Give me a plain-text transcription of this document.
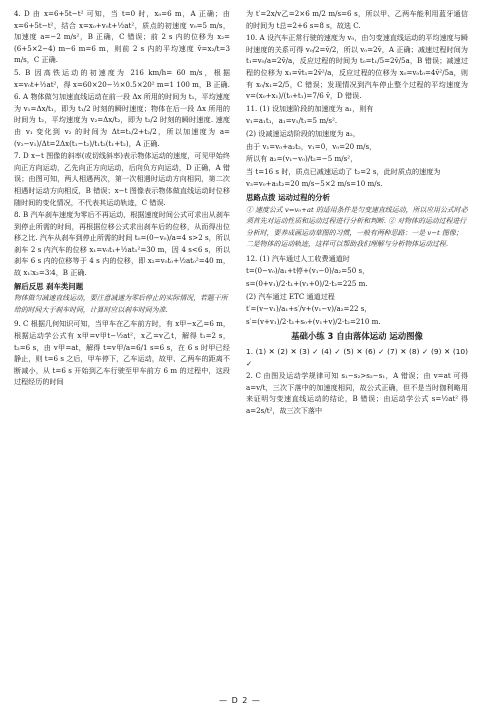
4. D 由 x=6+5t−t² 可知，当 t=0 时，x₀=6 m，A 正确；由 x=6+5t−t²，结合 x=x₀+v₀t+½at²，质点的初速度 v₀=5 m/s，加速度 a=−2 m/s²，B 正确，C 错误；前 2 s 内的位移为 x₂=(6+5×2−4) m−6 m=6 m，则前 2 s 内的平均速度 v̄=x₂/t=3 m/s，C 正确.

5. B 因高铁运动的初速度为 216 km/h= 60 m/s，根据 x=v₀t+½at²，得 x=60×20−½×0.5×20² m=1 100 m，B 正确.

6. A 物体做匀加速直线运动在前一段 Δx 所用的时间为 t₁，平均速度为 v₁=Δx/t₁，即为 t₁/2 时刻的瞬时速度；物体在后一段 Δx 所用的时间为 t₂，平均速度为 v₂=Δx/t₂，即为 t₂/2 时刻的瞬时速度. 速度由 v₁ 变化到 v₂ 的时间为 Δt=t₁/2+t₂/2，所以加速度为 a=(v₂−v₁)/Δt=2Δx(t₁−t₂)/t₁t₂(t₁+t₂)，A 正确.

7. D x−t 图像的斜率(或切线斜率)表示物体运动的速度，可见甲始终向正方向运动，乙先向正方向运动，后向负方向运动，D 正确，A 错误；由图可知，两人相遇两次，第一次相遇时运动方向相同，第二次相遇时运动方向相反，B 错误；x−t 图像表示物体做直线运动时位移随时间的变化情况，不代表其运动轨迹，C 错误.

8. B 汽车刹车速度为零后不再运动，根据速度时间公式可求出从刹车到停止所需的时间，再根据位移公式求出刹车后的位移，从而得出位移之比. 汽车从刹车到停止所需的时间 t₀=(0−v₀)/a=4 s>2 s，所以刹车 2 s 内汽车的位移 x₁=v₀t₁+½at₁²=30 m，因 4 s<6 s，所以刹车 6 s 内的位移等于 4 s 内的位移，即 x₂=v₀t₀+½at₀²=40 m，故 x₁∶x₂=3∶4，B 正确.

解后反思 刹车类问题

物体做匀减速直线运动，要注意减速为零后停止的实际情况，若题干所给的时间大于刹车时间，计算时应以刹车时间为准.

9. C 根据几何知识可知，当甲车在乙车前方时，有 x甲−x乙=6 m，根据运动学公式有 x甲=v甲t−½at²，x乙=v乙t，解得 t₁=2 s，t₂=6 s，由 v甲=at，解得 t=v甲/a=6/1 s=6 s，在 6 s 时甲已经静止，则 t=6 s 之后，甲车停下，乙车运动，故甲、乙两车的距离不断减小，从 t=6 s 开始到乙车行驶至甲车前方 6 m 的过程中，这段过程经历的时间

为 t′=2x/v乙=2×6 m/2 m/s=6 s，所以甲、乙两车能利用蓝牙通信的时间为 t总=2+6 s=8 s，故选 C.

10. A 设汽车正常行驶的速度为 v₀，由匀变速直线运动的平均速度与瞬时速度的关系可得 v₀/2=v̄/2，所以 v₀=2v̄，A 正确；减速过程时间为 t₁=v₀/a=2v̄/a，反应过程的时间为 t₀=t₁/5=2v̄/5a，B 错误；减速过程的位移为 x₁=v̄t₁=2v̄²/a，反应过程的位移为 x₀=v₀t₀=4v̄²/5a，则有 x₀/x₁=2/5，C 错误；发现情况到汽车停止整个过程的平均速度为 v=(x₀+x₁)/(t₀+t₁)=7/6 v̄，D 错误.

11. (1) 设加速阶段的加速度为 a₁，则有

v₁=a₁t₁，a₁=v₁/t₁=5 m/s².

(2) 设减速运动阶段的加速度为 a₂，

由于 v₁=v₀+a₂t₂，v₁=0，v₀=20 m/s，

所以有 a₂=(v₁−v₀)/t₂=−5 m/s²，

当 t=16 s 时，质点已减速运动了 t₂=2 s，此时质点的速度为

v₃=v₀+a₂t₂=20 m/s−5×2 m/s=10 m/s.

思路点拨 运动过程的分析

① 速度公式 v=v₀+at 的适用条件是匀变速直线运动，所以应用公式时必须首先对运动性质和运动过程进行分析和判断. ② 对物体的运动过程进行分析时，要养成画运动草图的习惯，一般有两种思路：一是 v−t 图像；二是物体的运动轨迹，这样可以帮助我们理解与分析物体运动过程.

12. (1) 汽车通过人工收费通道时

t=(0−v₀)/a₁+t停+(v₁−0)/a₂=50 s，

s=(0+v₁)/2·t₁+(v₁+0)/2·t₂=225 m.

(2) 汽车通过 ETC 通道过程

t′=(v−v₁)/a₁+s′/v+(v₁−v)/a₂=22 s，

s′=(v+v₁)/2·t₁+s₀+(v₁+v)/2·t₂=210 m.

基础小练 3 自由落体运动 运动图像

1. (1) ✕ (2) ✕ (3) ✓ (4) ✓ (5) ✕ (6) ✓ (7) ✕ (8) ✓ (9) ✕ (10) ✓

2. C 由图及运动学规律可知 s₁−s₂>s₂−s₁，A 错误；由 v=at 可得 a=v/t，三次下落中的加速度相同，故公式正确，但不是当时伽利略用来证明匀变速直线运动的结论，B 错误；由运动学公式 s=½at² 得 a=2s/t²，故三次下落中

— D 2 —
